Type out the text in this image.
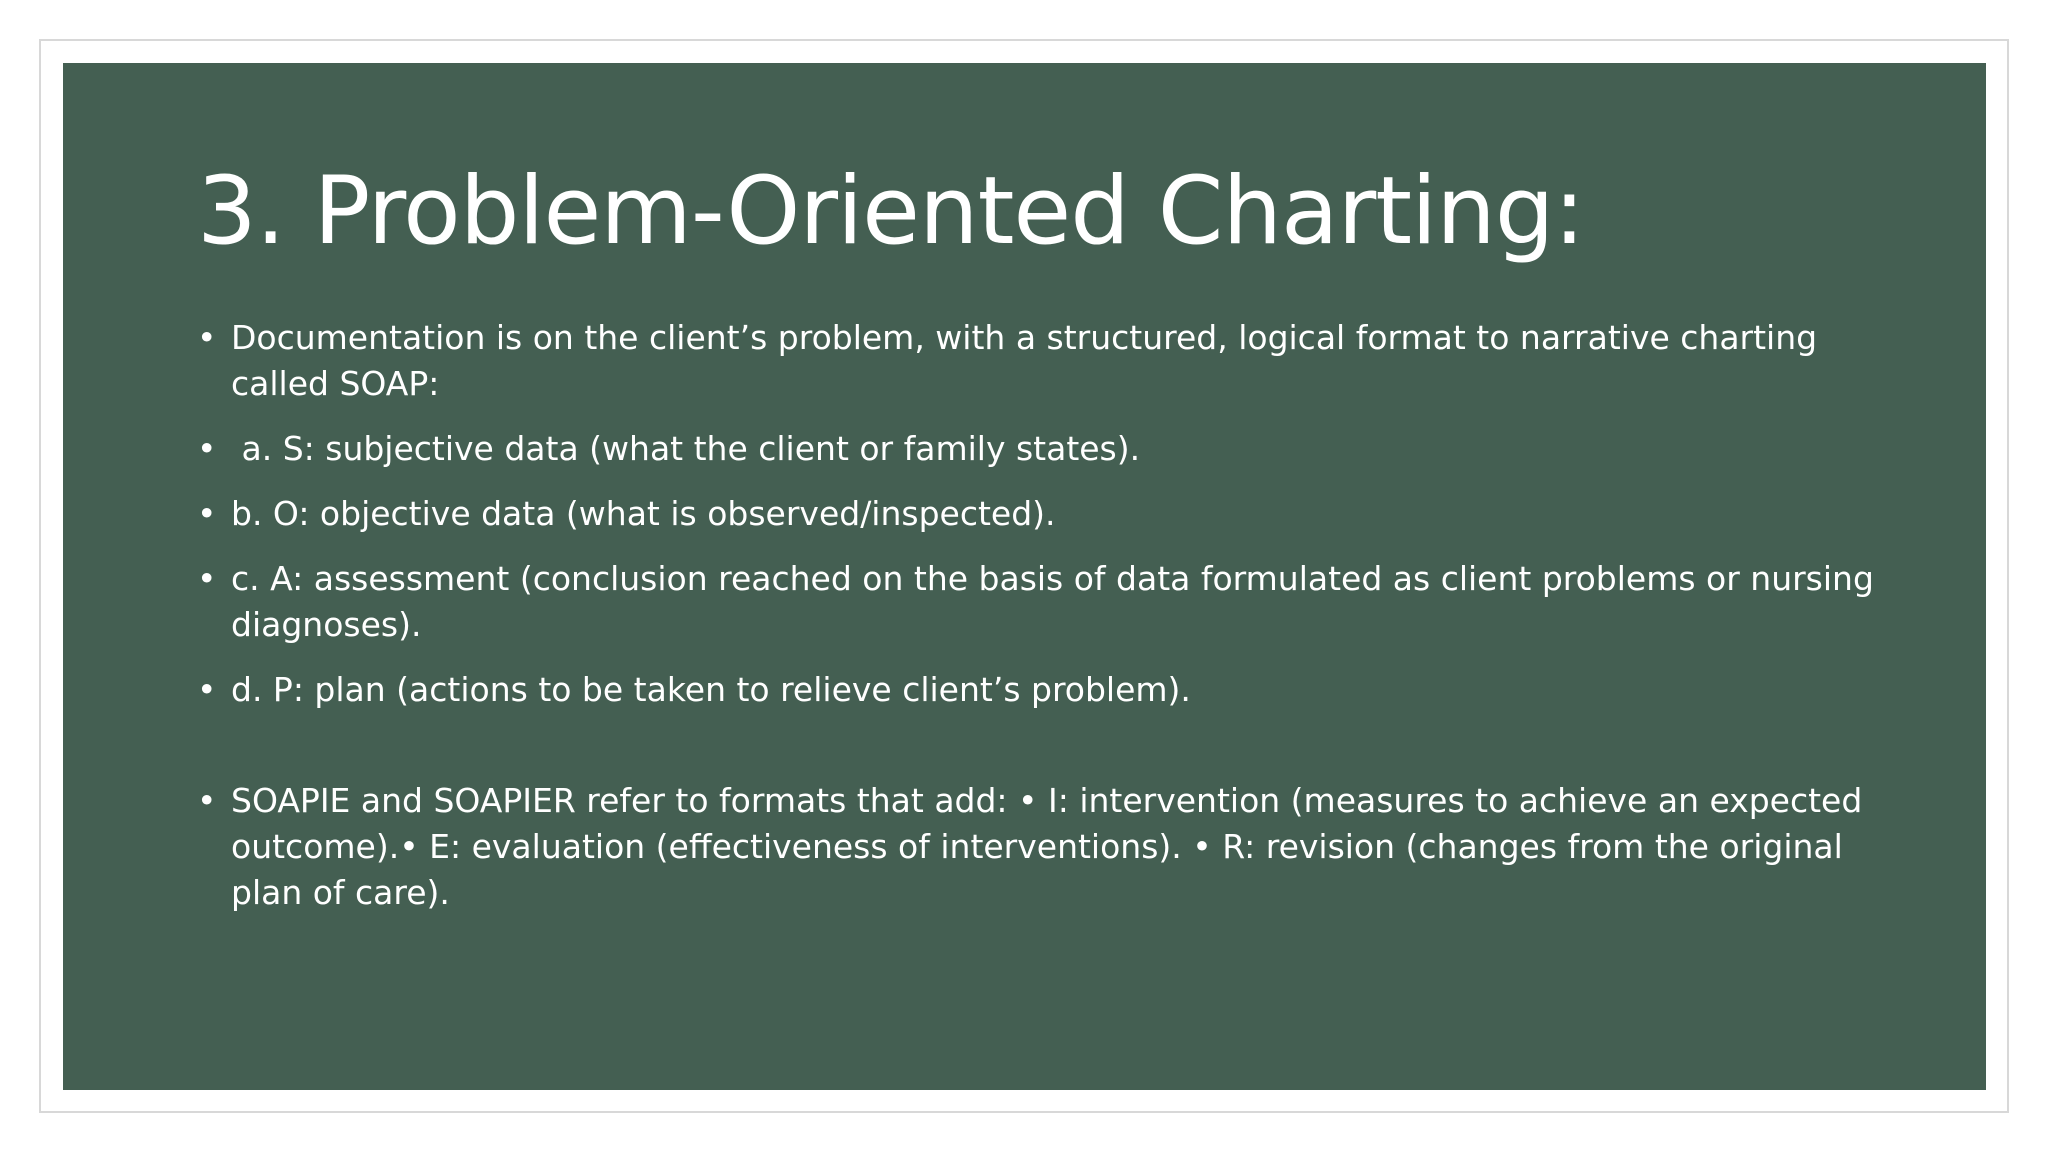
3. Problem-Oriented Charting:
• Documentation is on the client’s problem, with a structured, logical format to narrative charting called SOAP:
• a. S: subjective data (what the client or family states).
• b. O: objective data (what is observed/inspected).
• c. A: assessment (conclusion reached on the basis of data formulated as client problems or nursing diagnoses).
• d. P: plan (actions to be taken to relieve client’s problem).
• SOAPIE and SOAPIER refer to formats that add: • I: intervention (measures to achieve an expected outcome).• E: evaluation (effectiveness of interventions). • R: revision (changes from the original plan of care).
